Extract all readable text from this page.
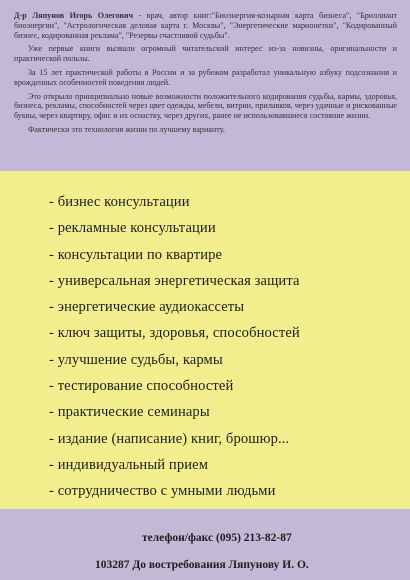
Д-р Ляпунов Игорь Олегович - врач, автор книг:"Биоэнергия-козырная карта бизнеса", "Бриллиант биоэнергии", "Астрологическая деловая карта г. Москвы", "Энергетические марионетки", "Кодированный бизнес, кодированная реклама", "Резервы счастливой судьбы".

Уже первые книги вызвали огромный читательский интерес из-за новизны, оригинальности и практической пользы.

За 15 лет практической работы в России и за рубежом разработал уникальную азбуку подсознания и врожденных особенностей поведения людей.

Это открыло принципиально новые возможности положительного кодирования судьбы, кармы, здоровья, бизнеса, рекламы, способностей через цвет одежды, мебели, витрин, прилавков, через удачные и рискованные буквы, через квартиру, офис и их оснастку, через других, ранее не использовавшиеся состояние жизни.

Фактически это технология жизни по лучшему варианту.

- бизнес консультации
- рекламные консультации
- консультации по квартире
- универсальная энергетическая защита
- энергетические аудиокассеты
- ключ защиты, здоровья, способностей
- улучшение судьбы, кармы
- тестирование способностей
- практические семинары
- издание (написание) книг, брошюр...
- индивидуальный прием
- сотрудничество с умными людьми
телефон/факс (095) 213-82-87
103287 До востребования Ляпунову И. О.
